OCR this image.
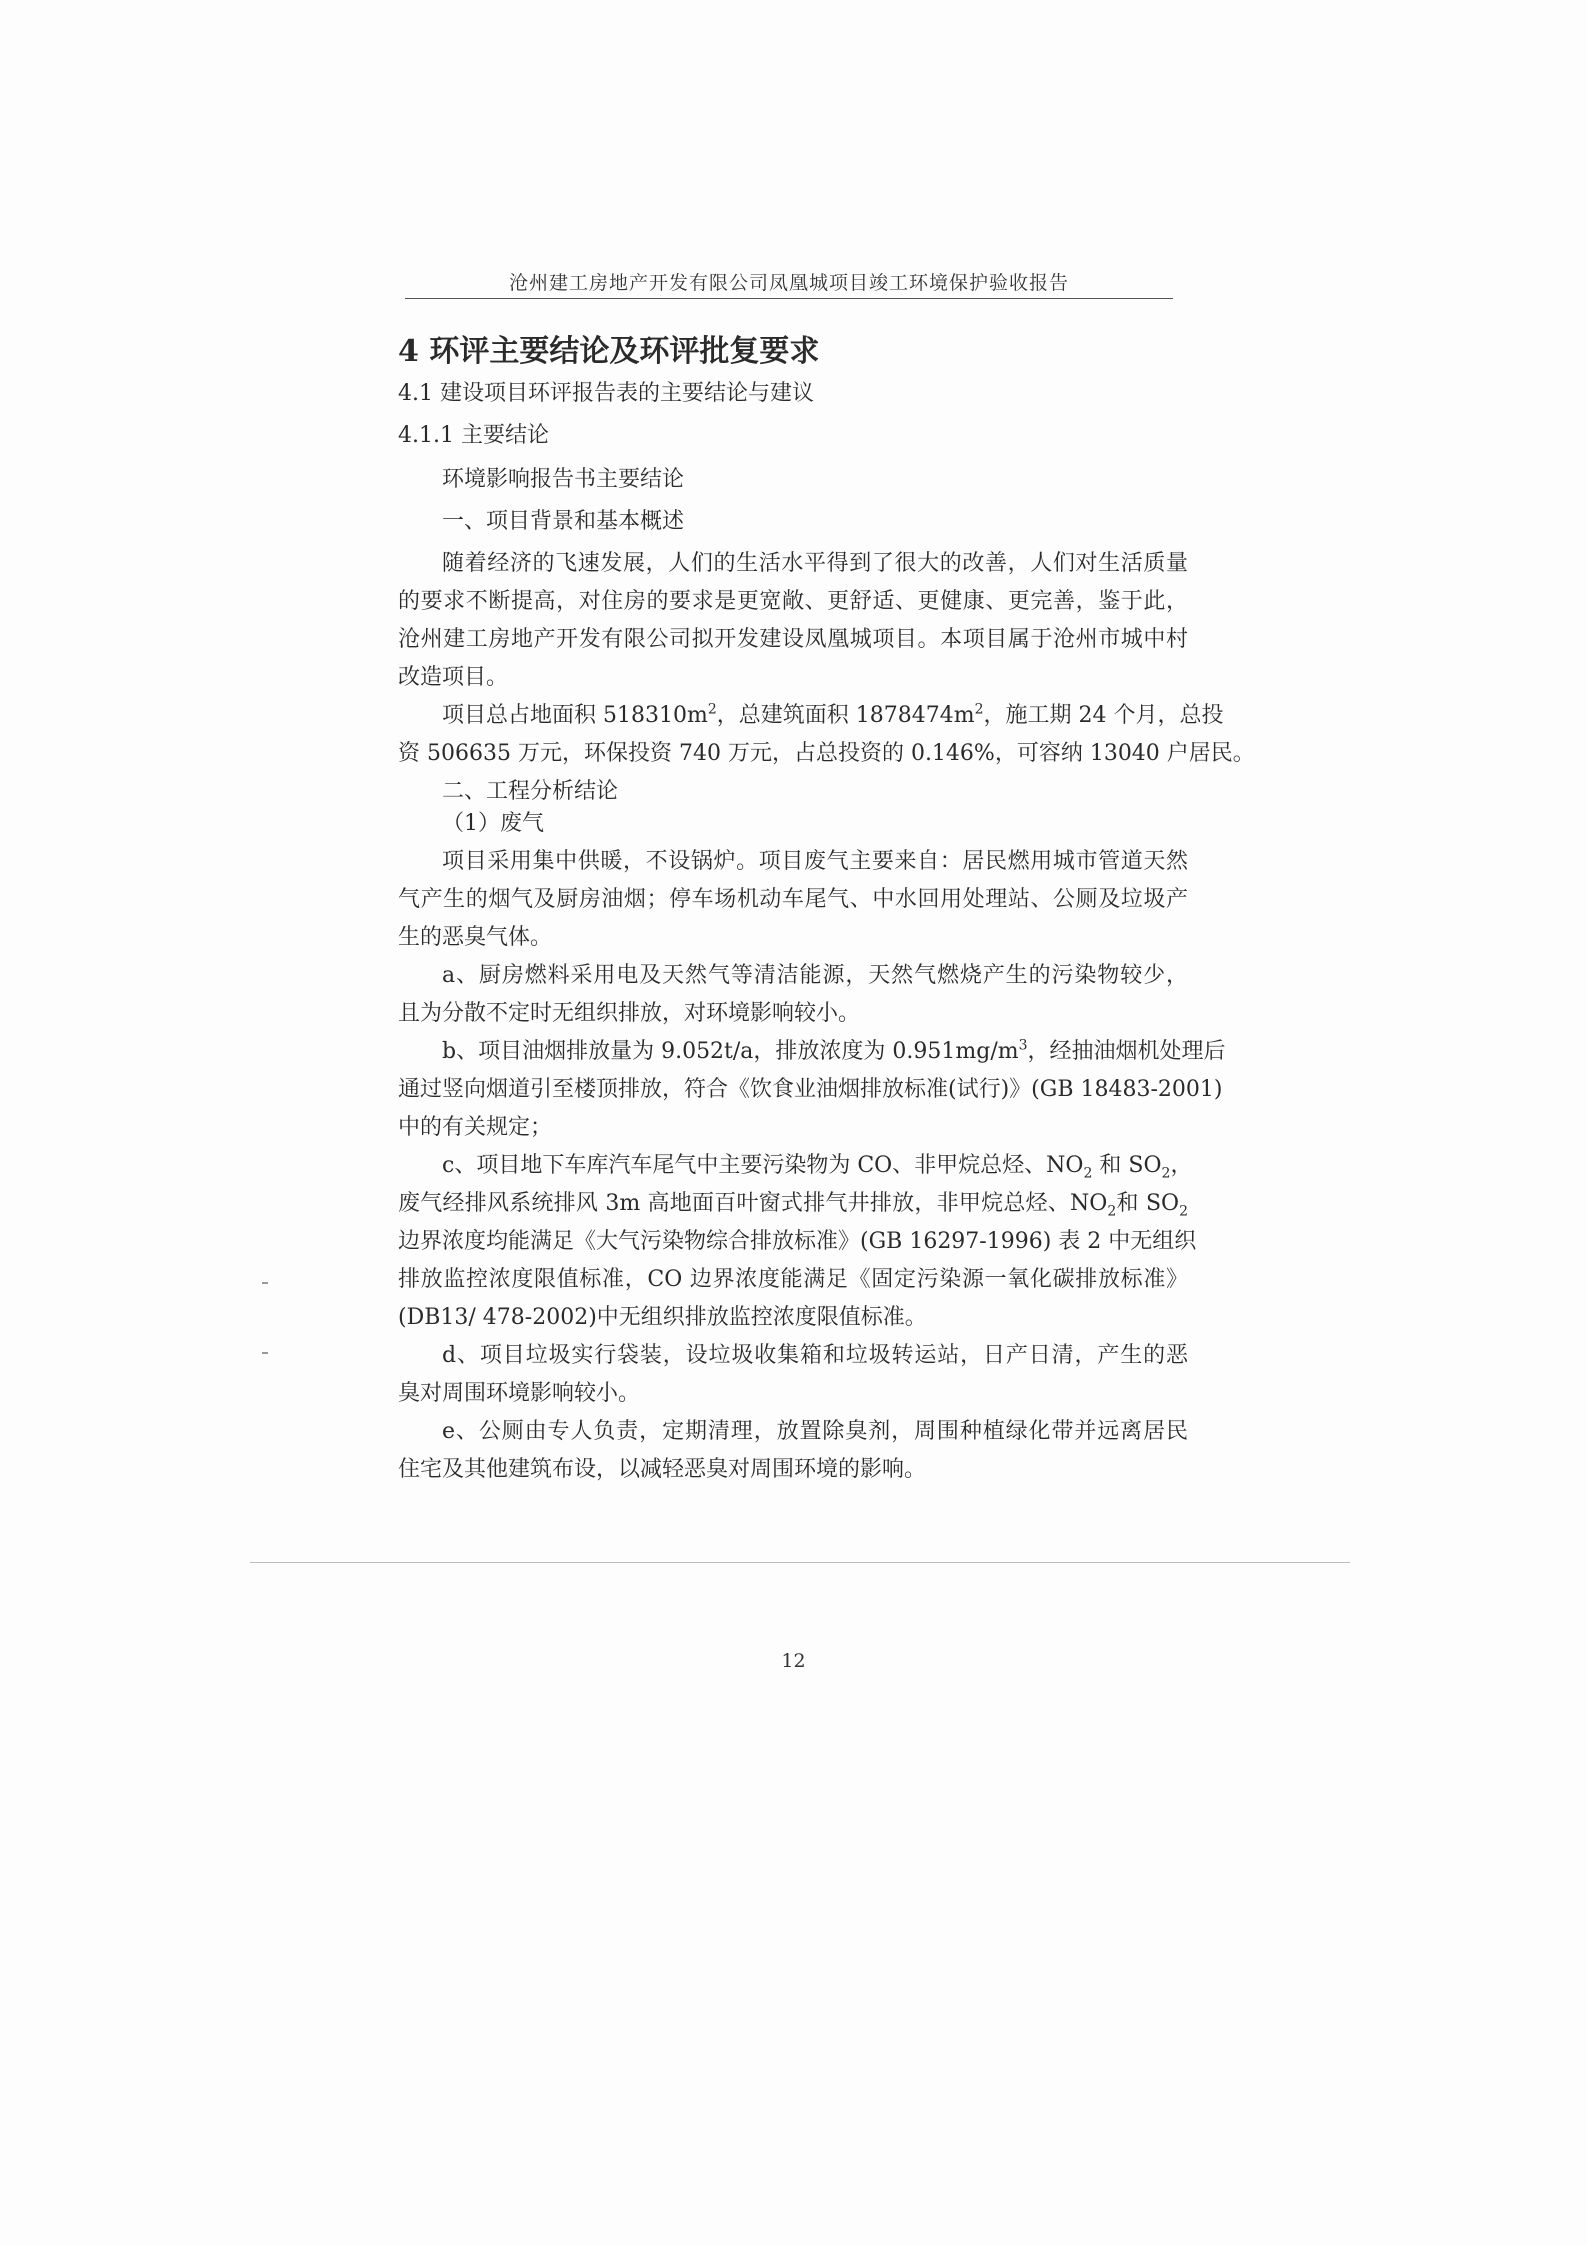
沧州建工房地产开发有限公司凤凰城项目竣工环境保护验收报告
4 环评主要结论及环评批复要求
4.1 建设项目环评报告表的主要结论与建议
4.1.1 主要结论
环境影响报告书主要结论
一、项目背景和基本概述
随着经济的飞速发展，人们的生活水平得到了很大的改善，人们对生活质量
的要求不断提高，对住房的要求是更宽敞、更舒适、更健康、更完善，鉴于此，
沧州建工房地产开发有限公司拟开发建设凤凰城项目。本项目属于沧州市城中村
改造项目。
项目总占地面积 $518310m^2$，总建筑面积 $1878474m^2$，施工期 24 个月，总投
资 506635 万元，环保投资 740 万元，占总投资的 0.146%，可容纳 13040 户居民。
二、工程分析结论
（1）废气
项目采用集中供暖，不设锅炉。项目废气主要来自：居民燃用城市管道天然
气产生的烟气及厨房油烟；停车场机动车尾气、中水回用处理站、公厕及垃圾产
生的恶臭气体。
a、厨房燃料采用电及天然气等清洁能源，天然气燃烧产生的污染物较少，
且为分散不定时无组织排放，对环境影响较小。
b、项目油烟排放量为 9.052t/a，排放浓度为 $0.951mg/m^3$，经抽油烟机处理后
通过竖向烟道引至楼顶排放，符合《饮食业油烟排放标准(试行)》(GB 18483-2001)
中的有关规定；
c、项目地下车库汽车尾气中主要污染物为 CO、非甲烷总烃、$NO_2$ 和 $SO_2$，
废气经排风系统排风 3m 高地面百叶窗式排气井排放，非甲烷总烃、$NO_2$和 $SO_2$
边界浓度均能满足《大气污染物综合排放标准》(GB 16297-1996) 表 2 中无组织
排放监控浓度限值标准，CO 边界浓度能满足《固定污染源一氧化碳排放标准》
(DB13/ 478-2002)中无组织排放监控浓度限值标准。
d、项目垃圾实行袋装，设垃圾收集箱和垃圾转运站，日产日清，产生的恶
臭对周围环境影响较小。
e、公厕由专人负责，定期清理，放置除臭剂，周围种植绿化带并远离居民
住宅及其他建筑布设，以减轻恶臭对周围环境的影响。
12
